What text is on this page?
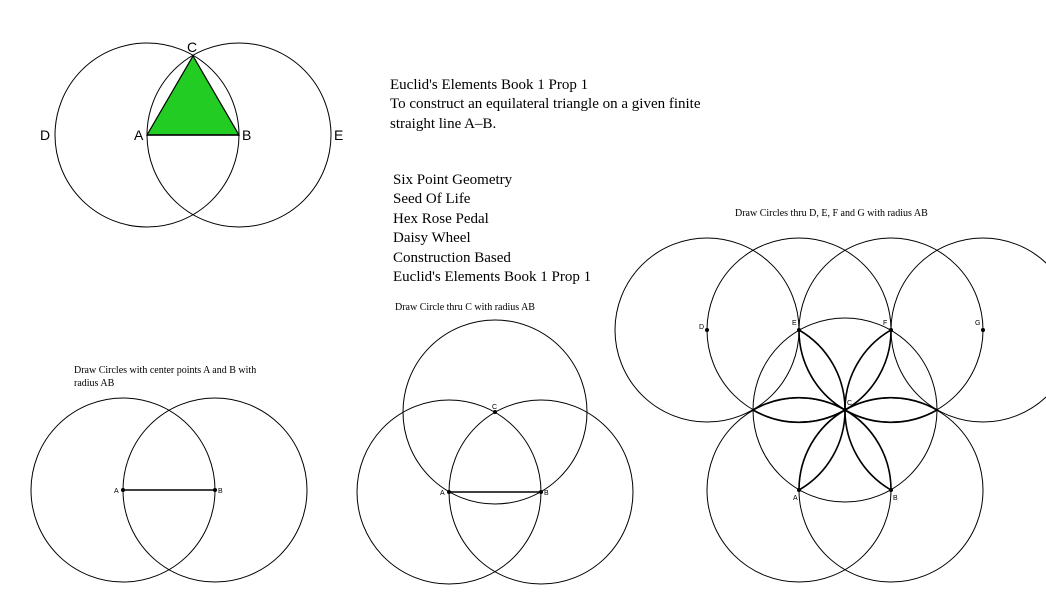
C
A	B
D	E
Euclid's Elements Book 1 Prop 1
To construct an equilateral triangle on a given finite
straight line A–B.
Six Point Geometry
Seed Of Life
Hex Rose Pedal
Daisy Wheel
Construction Based
Euclid's Elements Book 1 Prop 1
Draw Circles with center points A and B with
radius AB
A	B
Draw Circle thru C with radius AB
A	B
C
Draw Circles thru D, E, F and G with radius AB
A	B
C
D
E	F	G
